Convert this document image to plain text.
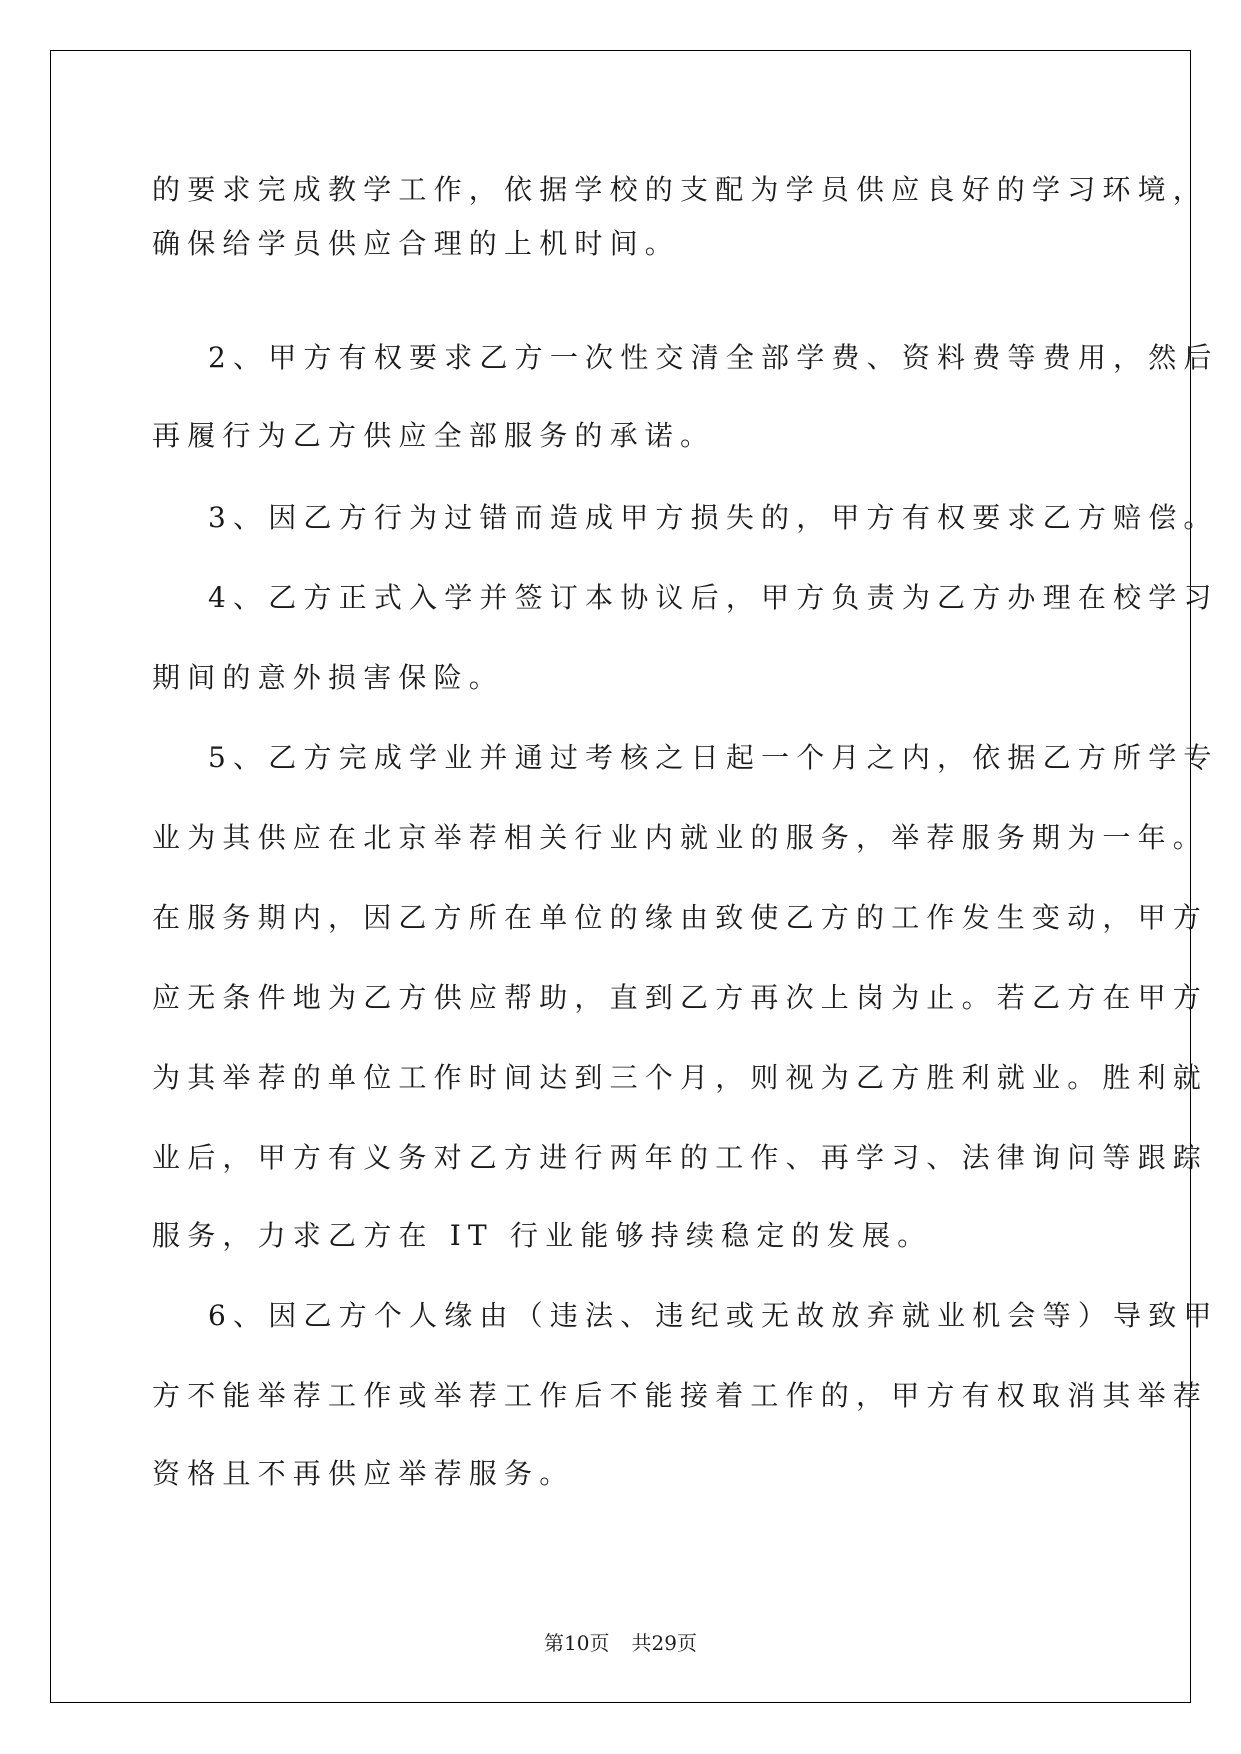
的要求完成教学工作，依据学校的支配为学员供应良好的学习环境，

确保给学员供应合理的上机时间。

2、甲方有权要求乙方一次性交清全部学费、资料费等费用，然后

再履行为乙方供应全部服务的承诺。

3、因乙方行为过错而造成甲方损失的，甲方有权要求乙方赔偿。

4、乙方正式入学并签订本协议后，甲方负责为乙方办理在校学习

期间的意外损害保险。

5、乙方完成学业并通过考核之日起一个月之内，依据乙方所学专

业为其供应在北京举荐相关行业内就业的服务，举荐服务期为一年。

在服务期内，因乙方所在单位的缘由致使乙方的工作发生变动，甲方

应无条件地为乙方供应帮助，直到乙方再次上岗为止。若乙方在甲方

为其举荐的单位工作时间达到三个月，则视为乙方胜利就业。胜利就

业后，甲方有义务对乙方进行两年的工作、再学习、法律询问等跟踪

服务，力求乙方在 IT 行业能够持续稳定的发展。

6、因乙方个人缘由（违法、违纪或无故放弃就业机会等）导致甲

方不能举荐工作或举荐工作后不能接着工作的，甲方有权取消其举荐

资格且不再供应举荐服务。

第10页 共29页
